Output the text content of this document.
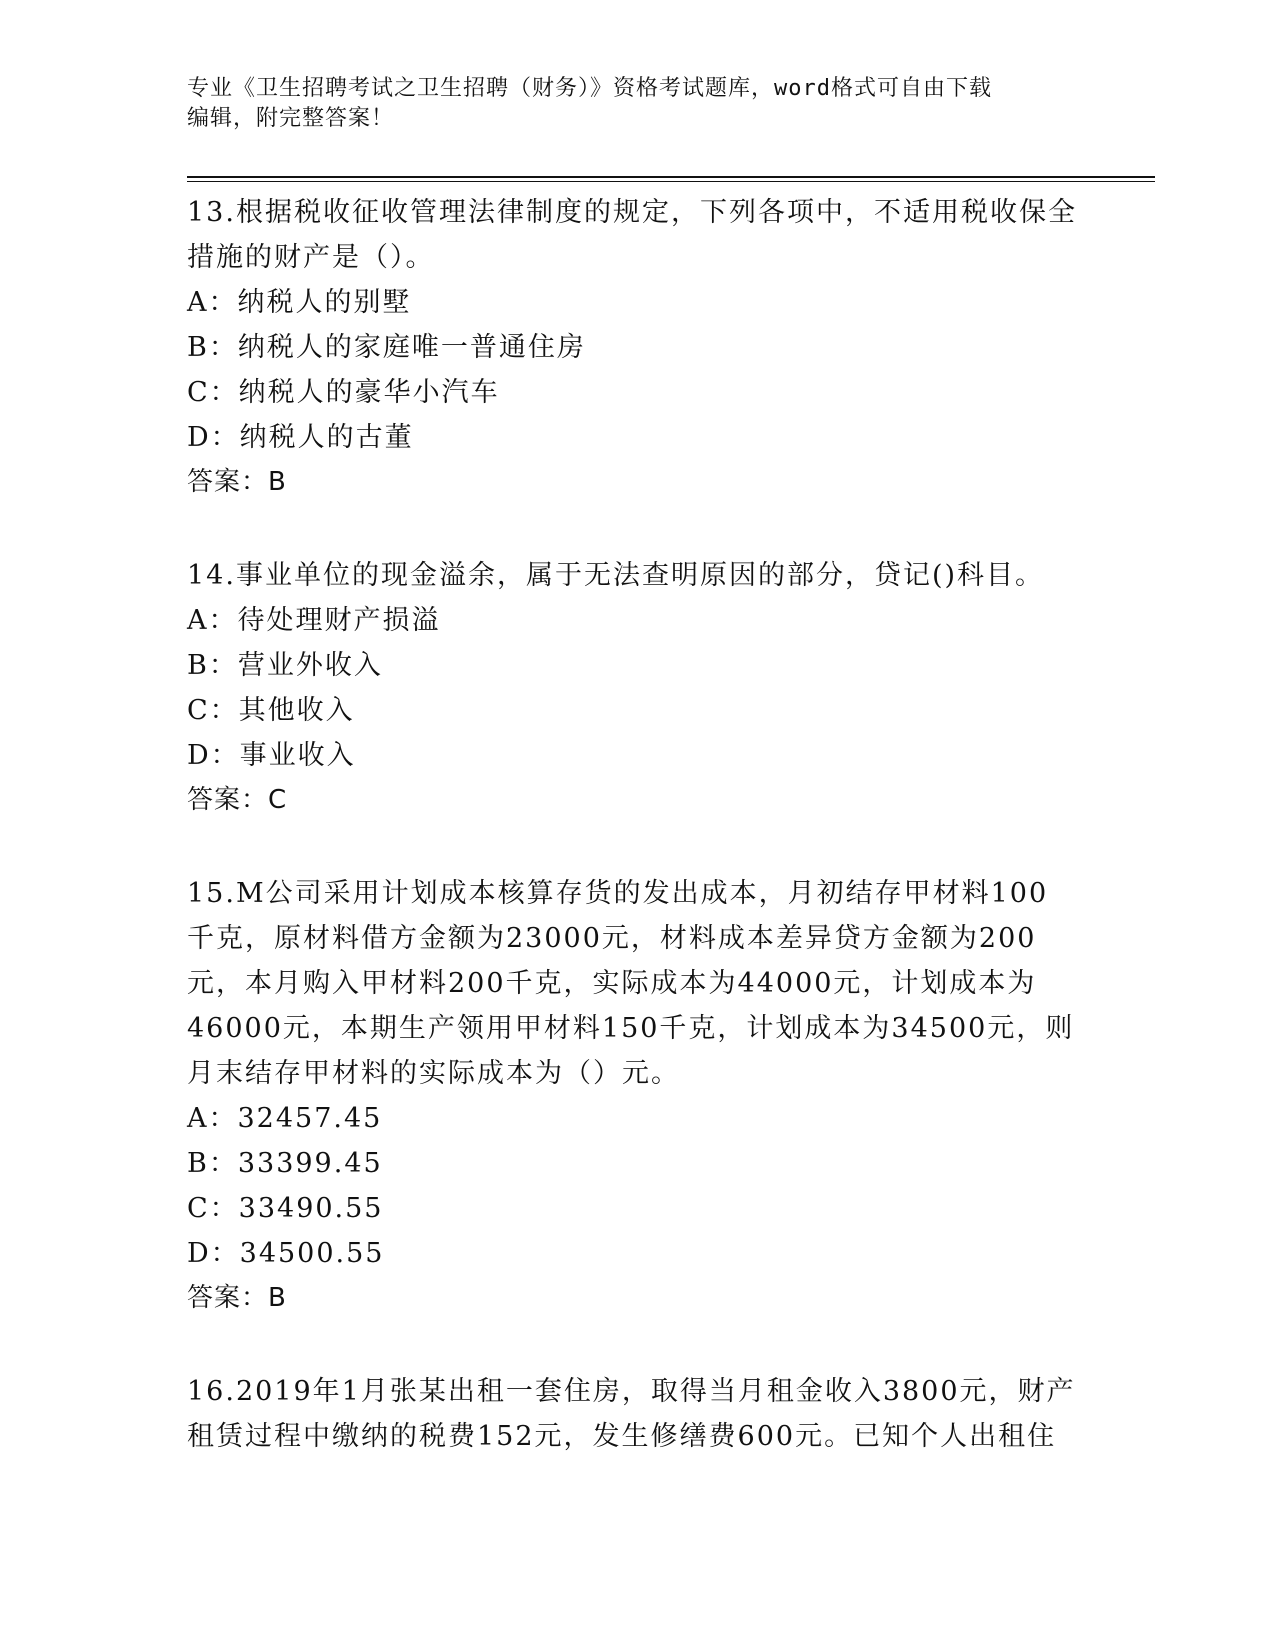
专业《卫生招聘考试之卫生招聘（财务）》资格考试题库，word格式可自由下载
编辑，附完整答案！

13.根据税收征收管理法律制度的规定，下列各项中，不适用税收保全措施的财产是（）。

A：纳税人的别墅

B：纳税人的家庭唯一普通住房

C：纳税人的豪华小汽车

D：纳税人的古董

答案：B

14.事业单位的现金溢余，属于无法查明原因的部分，贷记()科目。

A：待处理财产损溢

B：营业外收入

C：其他收入

D：事业收入

答案：C

15.M公司采用计划成本核算存货的发出成本，月初结存甲材料100千克，原材料借方金额为23000元，材料成本差异贷方金额为200元，本月购入甲材料200千克，实际成本为44000元，计划成本为46000元，本期生产领用甲材料150千克，计划成本为34500元，则月末结存甲材料的实际成本为（）元。

A：32457.45

B：33399.45

C：33490.55

D：34500.55

答案：B

16.2019年1月张某出租一套住房，取得当月租金收入3800元，财产租赁过程中缴纳的税费152元，发生修缮费600元。已知个人出租住
